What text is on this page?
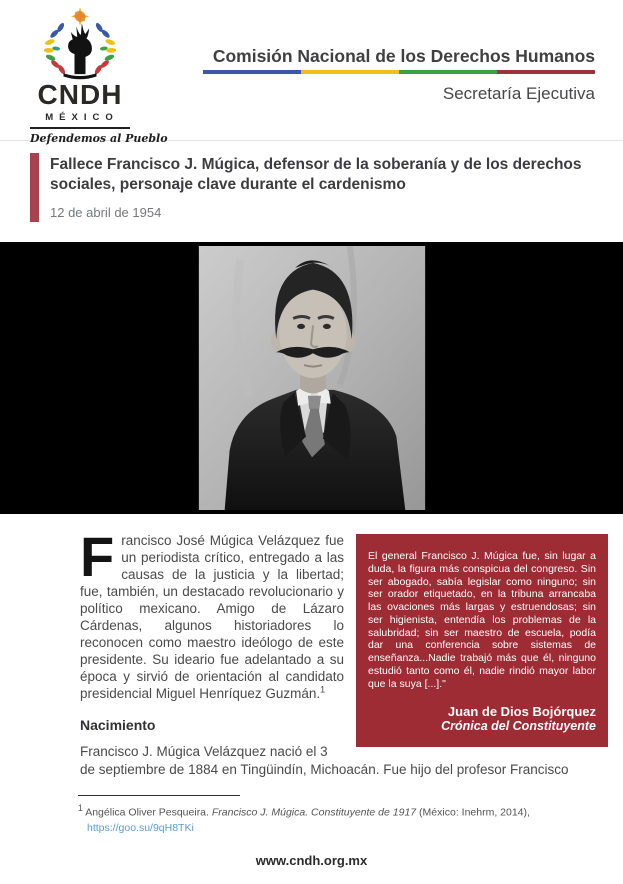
CNDH
MÉXICO
Defendemos al Pueblo
Comisión Nacional de los Derechos Humanos
Secretaría Ejecutiva
Fallece Francisco J. Múgica, defensor de la soberanía y de los derechos sociales, personaje clave durante el cardenismo
12 de abril de 1954

El general Francisco J. Múgica fue, sin lugar a duda, la figura más conspicua del congreso. Sin ser abogado, sabía legislar como ninguno; sin ser orador etiquetado, en la tribuna arrancaba las ovaciones más largas y estruendosas; sin ser higienista, entendía los problemas de la salubridad; sin ser maestro de escuela, podía dar una conferencia sobre sistemas de enseñanza...Nadie trabajó más que él, ninguno estudió tanto como él, nadie rindió mayor labor que la suya [...]."

Juan de Dios Bojórquez
Crónica del Constituyente

Francisco José Múgica Velázquez fue un periodista crítico, entregado a las causas de la justicia y la libertad; fue, también, un destacado revolucionario y político mexicano. Amigo de Lázaro Cárdenas, algunos historiadores lo reconocen como maestro ideólogo de este presidente. Su ideario fue adelantado a su época y sirvió de orientación al candidato presidencial Miguel Henríquez Guzmán.$^1$

Nacimiento

Francisco J. Múgica Velázquez nació el 3 de septiembre de 1884 en Tingüindín, Michoacán. Fue hijo del profesor Francisco

$^1$ Angélica Oliver Pesqueira. Francisco J. Múgica. Constituyente de 1917 (México: Inehrm, 2014),
https://goo.su/9qH8TKi

www.cndh.org.mx
